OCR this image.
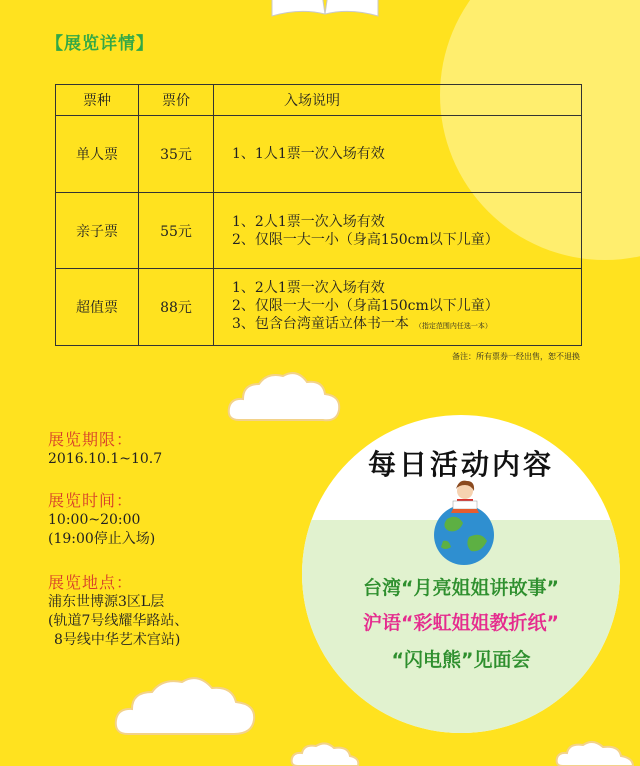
【展览详情】
票种	票价	入场说明
单人票	35元	1、1人1票一次入场有效

亲子票	55元	1、2人1票一次入场有效
2、仅限一大一小（身高150cm以下儿童）

超值票	88元	1、2人1票一次入场有效
2、仅限一大一小（身高150cm以下儿童）
3、包含台湾童话立体书一本 （指定范围内任选一本）
备注：所有票券一经出售，恕不退换
展览期限：
2016.10.1~10.7
展览时间：
10:00~20:00
(19:00停止入场)
展览地点：
浦东世博源3区L层
(轨道7号线耀华路站、
8号线中华艺术宫站)
每日活动内容
台湾“月亮姐姐讲故事”
沪语“彩虹姐姐教折纸”
“闪电熊”见面会
